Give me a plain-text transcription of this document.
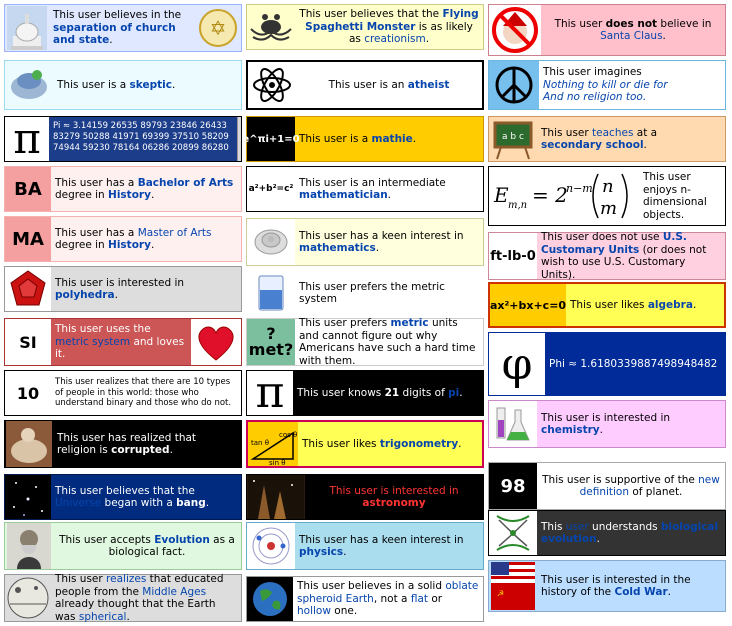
This user believes in the separation of church and state.
✡
This user is a skeptic.
π Pi ≈ 3.14159 26535 89793 23846 26433 83279 50288 41971 69399 37510 58209 74944 59230 78164 06286 20899 86280
BA	This user has a Bachelor of Arts degree in History.
MA	This user has a Master of Arts degree in History.
This user is interested in polyhedra.
SI
This user uses the metric system and loves it.
10
This user realizes that there are 10 types of people in this world: those who understand binary and those who do not.
This user has realized that religion is corrupted.
This user believes that the Universe began with a bang.
This user accepts Evolution as a biological fact.
This user realizes that educated people from the Middle Ages already thought that the Earth was spherical.
This user believes that the Flying Spaghetti Monster is as likely as creationism.
This user is an atheist
e^πi+1=0 This user is a mathie.
a²+b²=c²
This user is an intermediate mathematician.
This user has a keen interest in mathematics.
This user prefers the metric system
?
met?
This user prefers metric units and cannot figure out why Americans have such a hard time with them.
π	This user knows 21 digits of pi.
tan θ
cos θ
sin θ
This user likes trigonometry.
This user is interested in astronomy
This user has a keen interest in physics.
This user believes in a solid oblate spheroid Earth, not a flat or hollow one.
This user does not believe in Santa Claus.
This user imagines
Nothing to kill or die for
And no religion too.
a b c This user teaches at a secondary school.
E m,n = 2
n−m n
m
This user enjoys n-dimensional objects.
ft-lb-0
This user does not use U.S. Customary Units (or does not wish to use U.S. Customary Units).
ax²+bx+c=0 This user likes algebra.
φ Phi ≈ 1.6180339887498948482
This user is interested in chemistry.
98 This user is supportive of the new definition of planet.
This user understands biological evolution.
☭
This user is interested in the history of the Cold War.
